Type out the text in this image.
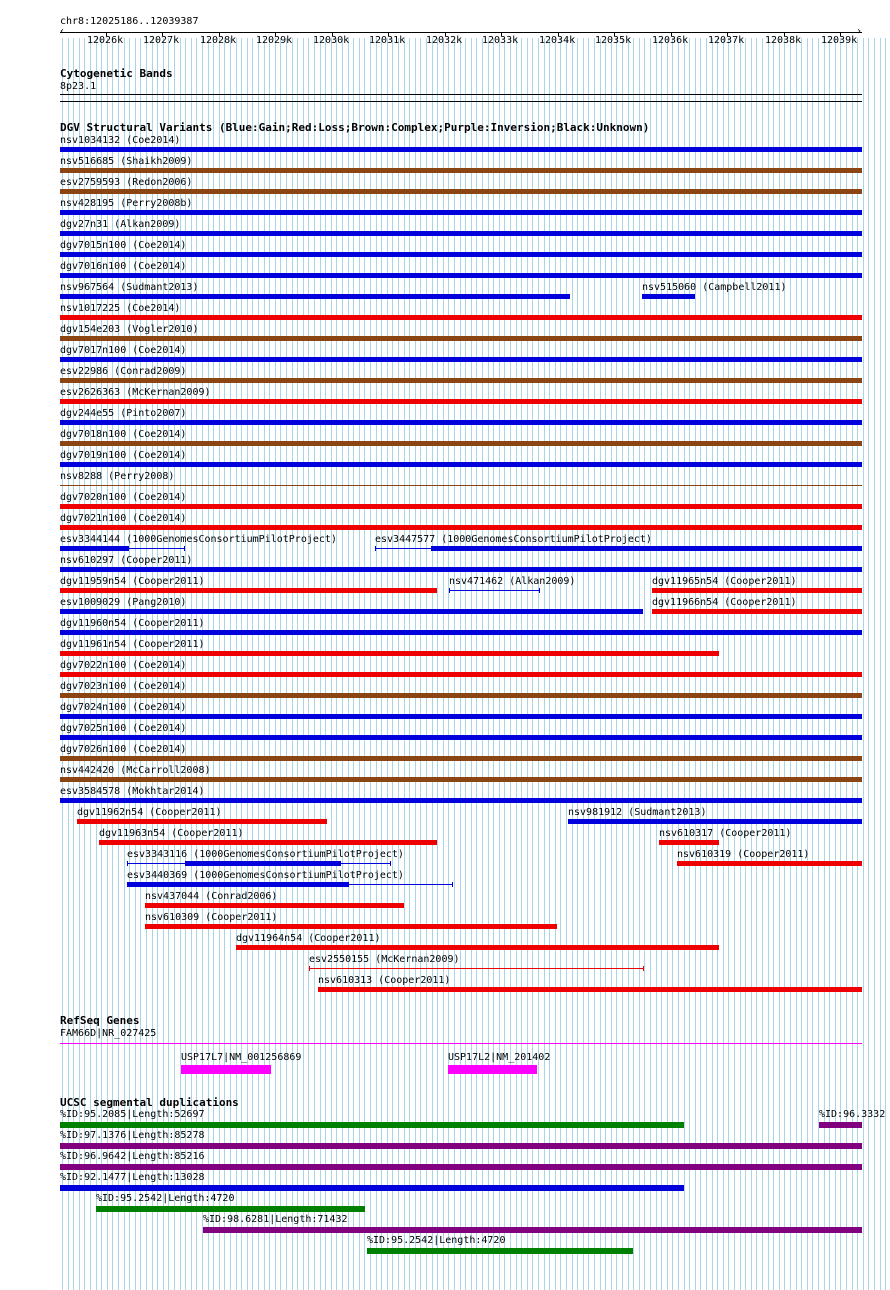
chr8:12025186..12039387
‹	›
12026k 12027k 12028k 12029k 12030k 12031k 12032k 12033k 12034k 12035k 12036k 12037k 12038k 12039k
Cytogenetic Bands
8p23.1
DGV Structural Variants (Blue:Gain;Red:Loss;Brown:Complex;Purple:Inversion;Black:Unknown)
nsv1034132 (Coe2014)
nsv516685 (Shaikh2009)
esv2759593 (Redon2006)
nsv428195 (Perry2008b)
dgv27n31 (Alkan2009)
dgv7015n100 (Coe2014)
dgv7016n100 (Coe2014)
nsv967564 (Sudmant2013)	nsv515060 (Campbell2011)
nsv1017225 (Coe2014)
dgv154e203 (Vogler2010)
dgv7017n100 (Coe2014)
esv22986 (Conrad2009)
esv2626363 (McKernan2009)
dgv244e55 (Pinto2007)
dgv7018n100 (Coe2014)
dgv7019n100 (Coe2014)
nsv8288 (Perry2008)
dgv7020n100 (Coe2014)
dgv7021n100 (Coe2014)
esv3344144 (1000GenomesConsortiumPilotProject)	esv3447577 (1000GenomesConsortiumPilotProject)
nsv610297 (Cooper2011)
dgv11959n54 (Cooper2011)	nsv471462 (Alkan2009)	dgv11965n54 (Cooper2011)
esv1009029 (Pang2010)	dgv11966n54 (Cooper2011)
dgv11960n54 (Cooper2011)
dgv11961n54 (Cooper2011)
dgv7022n100 (Coe2014)
dgv7023n100 (Coe2014)
dgv7024n100 (Coe2014)
dgv7025n100 (Coe2014)
dgv7026n100 (Coe2014)
nsv442420 (McCarroll2008)
esv3584578 (Mokhtar2014)
dgv11962n54 (Cooper2011)	nsv981912 (Sudmant2013)
dgv11963n54 (Cooper2011)	nsv610317 (Cooper2011)
esv3343116 (1000GenomesConsortiumPilotProject)	nsv610319 (Cooper2011)
esv3440369 (1000GenomesConsortiumPilotProject)
nsv437044 (Conrad2006)
nsv610309 (Cooper2011)
dgv11964n54 (Cooper2011)
esv2550155 (McKernan2009)
nsv610313 (Cooper2011)
RefSeq Genes
FAM66D|NR_027425
USP17L7|NM_001256869	USP17L2|NM_201402
UCSC segmental duplications
%ID:95.2085|Length:52697	%ID:96.3332
%ID:97.1376|Length:85278
%ID:96.9642|Length:85216
%ID:92.1477|Length:13028
%ID:95.2542|Length:4720
%ID:98.6281|Length:71432
%ID:95.2542|Length:4720
